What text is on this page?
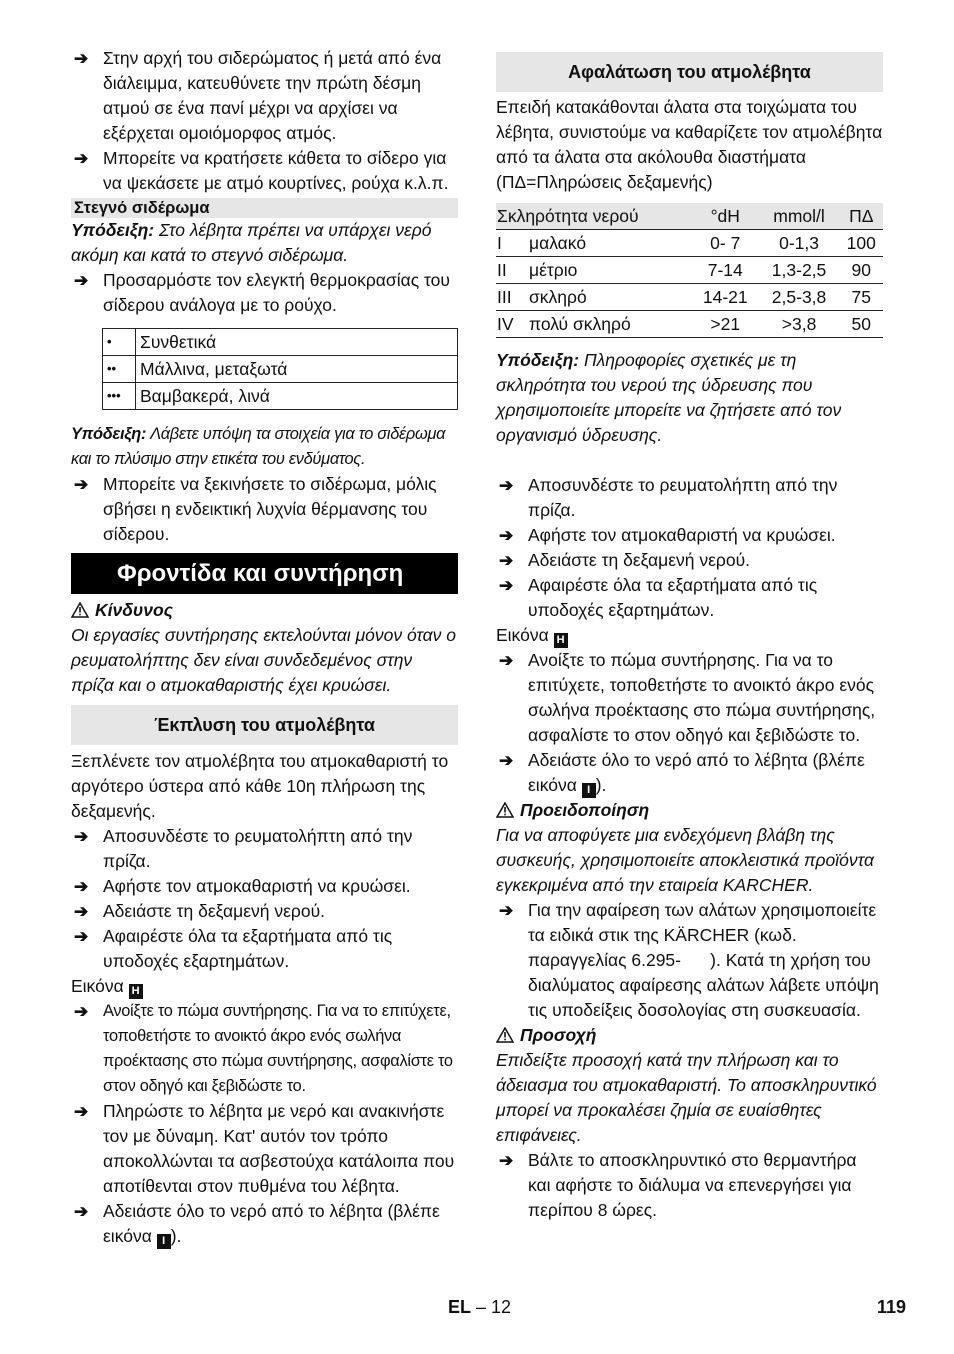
➔ Στην αρχή του σιδερώματος ή μετά από ένα διάλειμμα, κατευθύνετε την πρώτη δέσμη ατμού σε ένα πανί μέχρι να αρχίσει να εξέρχεται ομοιόμορφος ατμός.
➔ Μπορείτε να κρατήσετε κάθετα το σίδερο για να ψεκάσετε με ατμό κουρτίνες, ρούχα κ.λ.π.
Στεγνό σιδέρωμα
Υπόδειξη: Στο λέβητα πρέπει να υπάρχει νερό ακόμη και κατά το στεγνό σιδέρωμα.
➔ Προσαρμόστε τον ελεγκτή θερμοκρασίας του σίδερου ανάλογα με το ρούχο.
•	Συνθετικά
••	Μάλλινα, μεταξωτά
•••	Βαμβακερά, λινά
Υπόδειξη: Λάβετε υπόψη τα στοιχεία για το σιδέρωμα και το πλύσιμο στην ετικέτα του ενδύματος.
➔ Μπορείτε να ξεκινήσετε το σιδέρωμα, μόλις σβήσει η ενδεικτική λυχνία θέρμανσης του σίδερου.
Φροντίδα και συντήρηση
Κίνδυνος
Οι εργασίες συντήρησης εκτελούνται μόνον όταν ο ρευματολήπτης δεν είναι συνδεδεμένος στην πρίζα και ο ατμοκαθαριστής έχει κρυώσει.
Έκπλυση του ατμολέβητα
Ξεπλένετε τον ατμολέβητα του ατμοκαθαριστή το αργότερο ύστερα από κάθε 10η πλήρωση της δεξαμενής.
➔ Αποσυνδέστε το ρευματολήπτη από την πρίζα.
➔ Αφήστε τον ατμοκαθαριστή να κρυώσει.
➔ Αδειάστε τη δεξαμενή νερού.
➔ Αφαιρέστε όλα τα εξαρτήματα από τις υποδοχές εξαρτημάτων.
Εικόνα H
➔ Ανοίξτε το πώμα συντήρησης. Για να το επιτύχετε, τοποθετήστε το ανοικτό άκρο ενός σωλήνα προέκτασης στο πώμα συντήρησης, ασφαλίστε το στον οδηγό και ξεβιδώστε το.
➔ Πληρώστε το λέβητα με νερό και ανακινήστε τον με δύναμη. Κατ' αυτόν τον τρόπο αποκολλώνται τα ασβεστούχα κατάλοιπα που αποτίθενται στον πυθμένα του λέβητα.
➔ Αδειάστε όλο το νερό από το λέβητα (βλέπε εικόνα I ).
Αφαλάτωση του ατμολέβητα
Επειδή κατακάθονται άλατα στα τοιχώματα του λέβητα, συνιστούμε να καθαρίζετε τον ατμολέβητα από τα άλατα στα ακόλουθα διαστήματα (ΠΔ=Πληρώσεις δεξαμενής)
Σκληρότητα νερού		°dH	mmol/l	ΠΔ
I	μαλακό	0- 7	0-1,3	100
II	μέτριο	7-14	1,3-2,5	90
III	σκληρό	14-21	2,5-3,8	75
IV	πολύ σκληρό	>21	>3,8	50
Υπόδειξη: Πληροφορίες σχετικές με τη σκληρότητα του νερού της ύδρευσης που χρησιμοποιείτε μπορείτε να ζητήσετε από τον οργανισμό ύδρευσης.
➔ Αποσυνδέστε το ρευματολήπτη από την πρίζα.
➔ Αφήστε τον ατμοκαθαριστή να κρυώσει.
➔ Αδειάστε τη δεξαμενή νερού.
➔ Αφαιρέστε όλα τα εξαρτήματα από τις υποδοχές εξαρτημάτων.
Εικόνα H
➔ Ανοίξτε το πώμα συντήρησης. Για να το επιτύχετε, τοποθετήστε το ανοικτό άκρο ενός σωλήνα προέκτασης στο πώμα συντήρησης, ασφαλίστε το στον οδηγό και ξεβιδώστε το.
➔ Αδειάστε όλο το νερό από το λέβητα (βλέπε εικόνα I ).
Προειδοποίηση
Για να αποφύγετε μια ενδεχόμενη βλάβη της συσκευής, χρησιμοποιείτε αποκλειστικά προϊόντα εγκεκριμένα από την εταιρεία KARCHER.
➔ Για την αφαίρεση των αλάτων χρησιμοποιείτε τα ειδικά στικ της KÄRCHER (κωδ. παραγγελίας 6.295-      ). Κατά τη χρήση του διαλύματος αφαίρεσης αλάτων λάβετε υπόψη τις υποδείξεις δοσολογίας στη συσκευασία.
Προσοχή
Επιδείξτε προσοχή κατά την πλήρωση και το άδειασμα του ατμοκαθαριστή. Το αποσκληρυντικό μπορεί να προκαλέσει ζημία σε ευαίσθητες επιφάνειες.
➔ Βάλτε το αποσκληρυντικό στο θερμαντήρα και αφήστε το διάλυμα να επενεργήσει για περίπου 8 ώρες.
EL – 12	119
